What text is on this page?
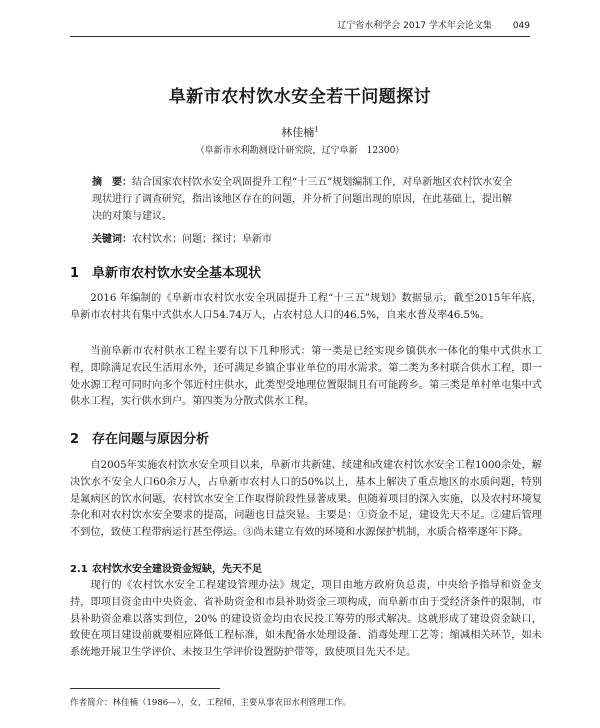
辽宁省水利学会 2017 学术年会论文集 049
阜新市农村饮水安全若干问题探讨
林佳楠$^1$
（阜新市水利勘测设计研究院，辽宁阜新　12300）
摘　要：结合国家农村饮水安全巩固提升工程“十三五”规划编制工作，对阜新地区农村饮水安全现状进行了调查研究，指出该地区存在的问题，并分析了问题出现的原因，在此基础上，提出解决的对策与建议。
关键词：农村饮水；问题；探讨；阜新市
1 阜新市农村饮水安全基本现状

2016 年编制的《阜新市农村饮水安全巩固提升工程“十三五”规划》数据显示，截至2015年年底，阜新市农村共有集中式供水人口54.74万人，占农村总人口的46.5%，自来水普及率46.5%。

当前阜新市农村供水工程主要有以下几种形式：第一类是已经实现乡镇供水一体化的集中式供水工程，即除满足农民生活用水外，还可满足乡镇企事业单位的用水需求。第二类为多村联合供水工程，即一处水源工程可同时向多个邻近村庄供水，此类型受地理位置限制且有可能跨乡。第三类是单村单屯集中式供水工程，实行供水到户。第四类为分散式供水工程。

2 存在问题与原因分析

自2005年实施农村饮水安全项目以来，阜新市共新建、续建和改建农村饮水安全工程1000余处，解决饮水不安全人口60余万人，占阜新市农村人口的50%以上，基本上解决了重点地区的水质问题，特别是氟病区的饮水问题，农村饮水安全工作取得阶段性显著成果。但随着项目的深入实施，以及农村环境复杂化和对农村饮水安全要求的提高，问题也日益突显。主要是：①资金不足，建设先天不足。②建后管理不到位，致使工程带病运行甚至停运。③尚未建立有效的环境和水源保护机制，水质合格率逐年下降。

2.1 农村饮水安全建设资金短缺，先天不足

现行的《农村饮水安全工程建设管理办法》规定，项目由地方政府负总责，中央给予指导和资金支持，即项目资金由中央资金、省补助资金和市县补助资金三项构成，而阜新市由于受经济条件的限制，市县补助资金难以落实到位，20% 的建设资金均由农民投工筹劳的形式解决。这就形成了建设资金缺口，致使在项目建设前就要相应降低工程标准，如未配备水处理设备、消毒处理工艺等；缩减相关环节，如未系统地开展卫生学评价、未按卫生学评价设置防护带等，致使项目先天不足。

作者简介：林佳楠（1986—），女，工程师，主要从事农田水利管理工作。
